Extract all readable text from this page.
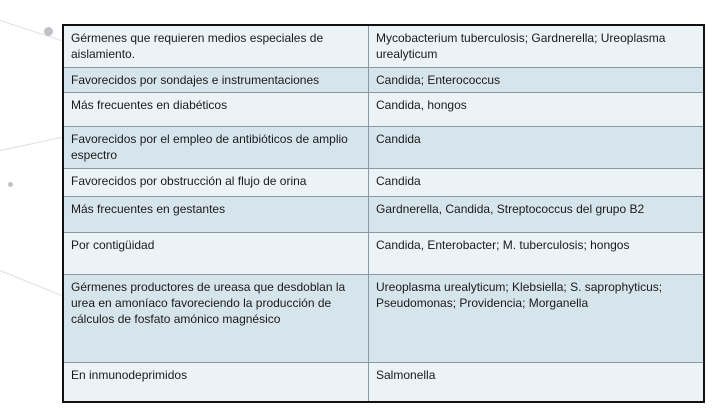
Gérmenes que requieren medios especiales de aislamiento.	Mycobacterium tuberculosis; Gardnerella; Ureoplasma urealyticum
Favorecidos por sondajes e instrumentaciones	Candida; Enterococcus
Más frecuentes en diabéticos	Candida, hongos
Favorecidos por el empleo de antibióticos de amplio espectro	Candida
Favorecidos por obstrucción al flujo de orina	Candida
Más frecuentes en gestantes	Gardnerella, Candida, Streptococcus del grupo B2
Por contigüidad	Candida, Enterobacter; M. tuberculosis; hongos
Gérmenes productores de ureasa que desdoblan la urea en amoníaco favoreciendo la producción de cálculos de fosfato amónico magnésico	Ureoplasma urealyticum; Klebsiella; S. saprophyticus; Pseudomonas; Providencia; Morganella
En inmunodeprimidos	Salmonella
